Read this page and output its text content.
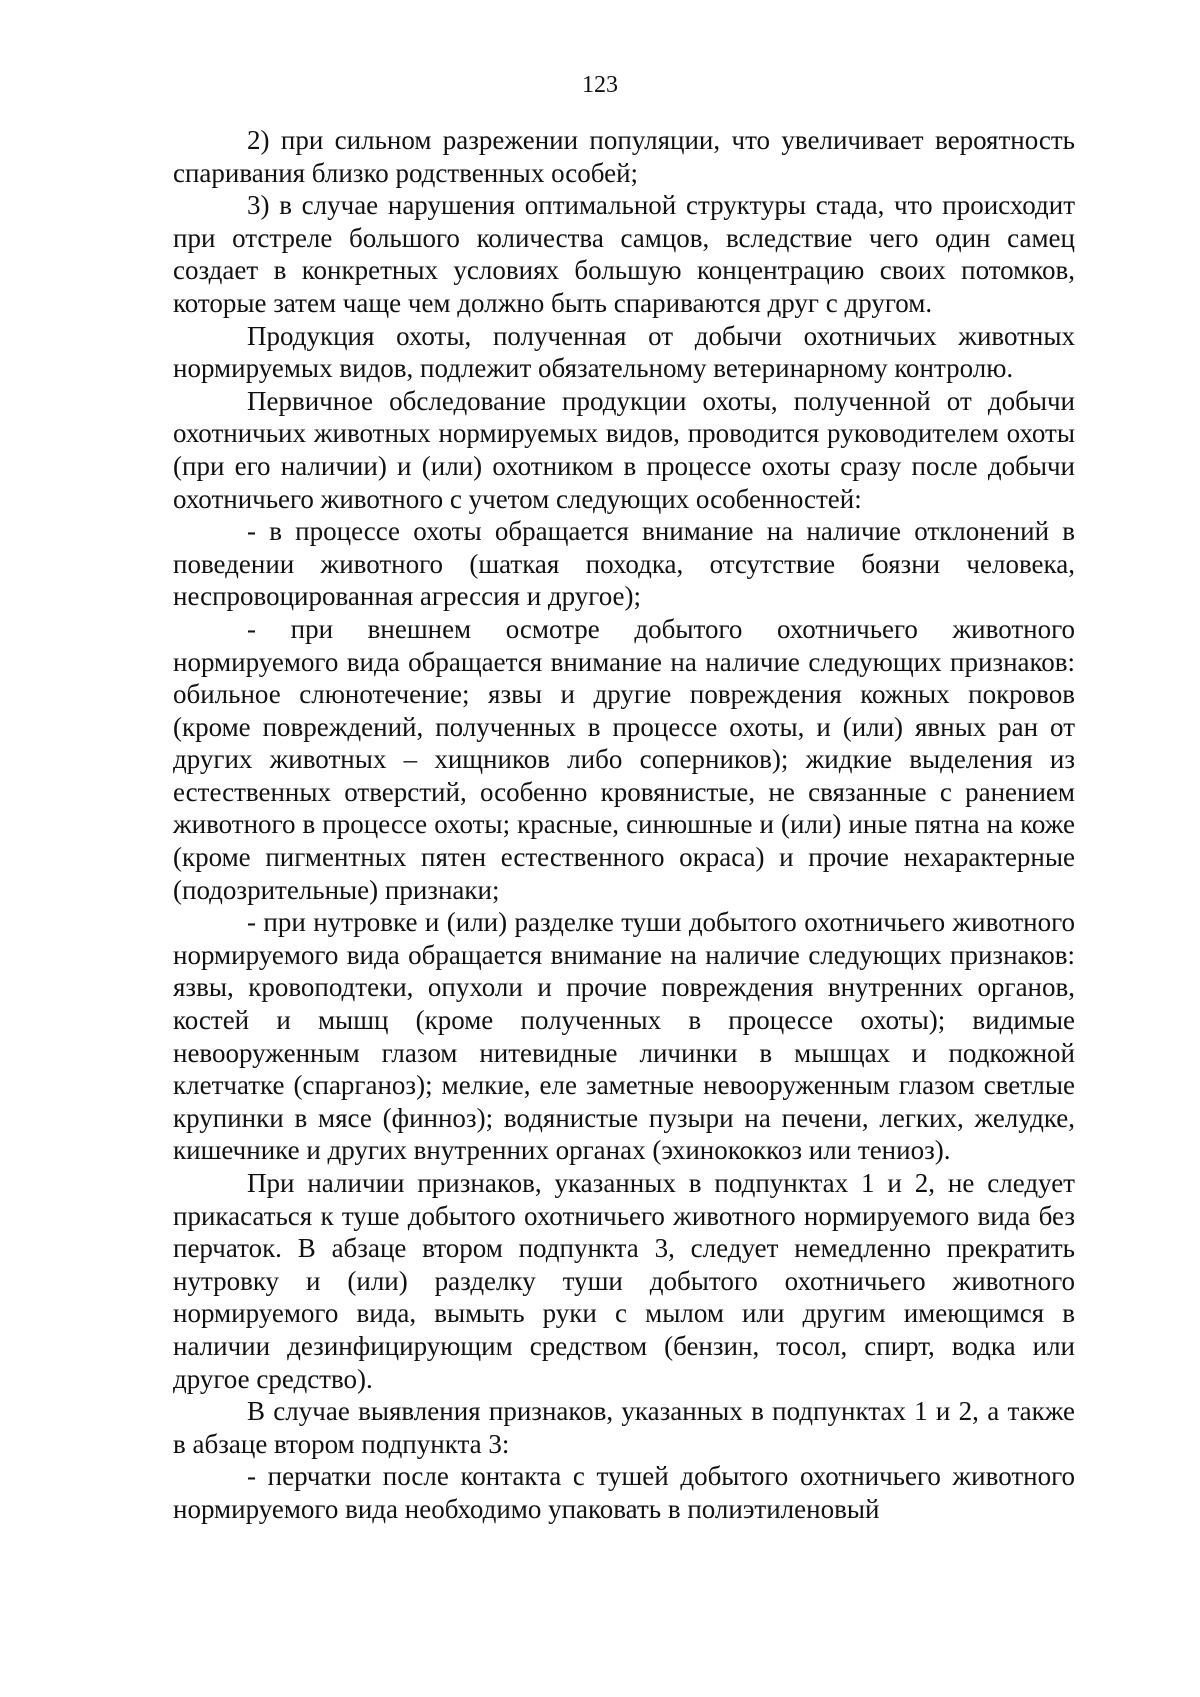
123

2) при сильном разрежении популяции, что увеличивает вероятность спаривания близко родственных особей;

3) в случае нарушения оптимальной структуры стада, что происходит при отстреле большого количества самцов, вследствие чего один самец создает в конкретных условиях большую концентрацию своих потомков, которые затем чаще чем должно быть спариваются друг с другом.

Продукция охоты, полученная от добычи охотничьих животных нормируемых видов, подлежит обязательному ветеринарному контролю.

Первичное обследование продукции охоты, полученной от добычи охотничьих животных нормируемых видов, проводится руководителем охоты (при его наличии) и (или) охотником в процессе охоты сразу после добычи охотничьего животного с учетом следующих особенностей:

- в процессе охоты обращается внимание на наличие отклонений в поведении животного (шаткая походка, отсутствие боязни человека, неспровоцированная агрессия и другое);

- при внешнем осмотре добытого охотничьего животного нормируемого вида обращается внимание на наличие следующих признаков: обильное слюнотечение; язвы и другие повреждения кожных покровов (кроме повреждений, полученных в процессе охоты, и (или) явных ран от других животных – хищников либо соперников); жидкие выделения из естественных отверстий, особенно кровянистые, не связанные с ранением животного в процессе охоты; красные, синюшные и (или) иные пятна на коже (кроме пигментных пятен естественного окраса) и прочие нехарактерные (подозрительные) признаки;

- при нутровке и (или) разделке туши добытого охотничьего животного нормируемого вида обращается внимание на наличие следующих признаков: язвы, кровоподтеки, опухоли и прочие повреждения внутренних органов, костей и мышц (кроме полученных в процессе охоты); видимые невооруженным глазом нитевидные личинки в мышцах и подкожной клетчатке (спарганоз); мелкие, еле заметные невооруженным глазом светлые крупинки в мясе (финноз); водянистые пузыри на печени, легких, желудке, кишечнике и других внутренних органах (эхинококкоз или тениоз).

При наличии признаков, указанных в подпунктах 1 и 2, не следует прикасаться к туше добытого охотничьего животного нормируемого вида без перчаток. В абзаце втором подпункта 3, следует немедленно прекратить нутровку и (или) разделку туши добытого охотничьего животного нормируемого вида, вымыть руки с мылом или другим имеющимся в наличии дезинфицирующим средством (бензин, тосол, спирт, водка или другое средство).

В случае выявления признаков, указанных в подпунктах 1 и 2, а также в абзаце втором подпункта 3:

- перчатки после контакта с тушей добытого охотничьего животного нормируемого вида необходимо упаковать в полиэтиленовый
